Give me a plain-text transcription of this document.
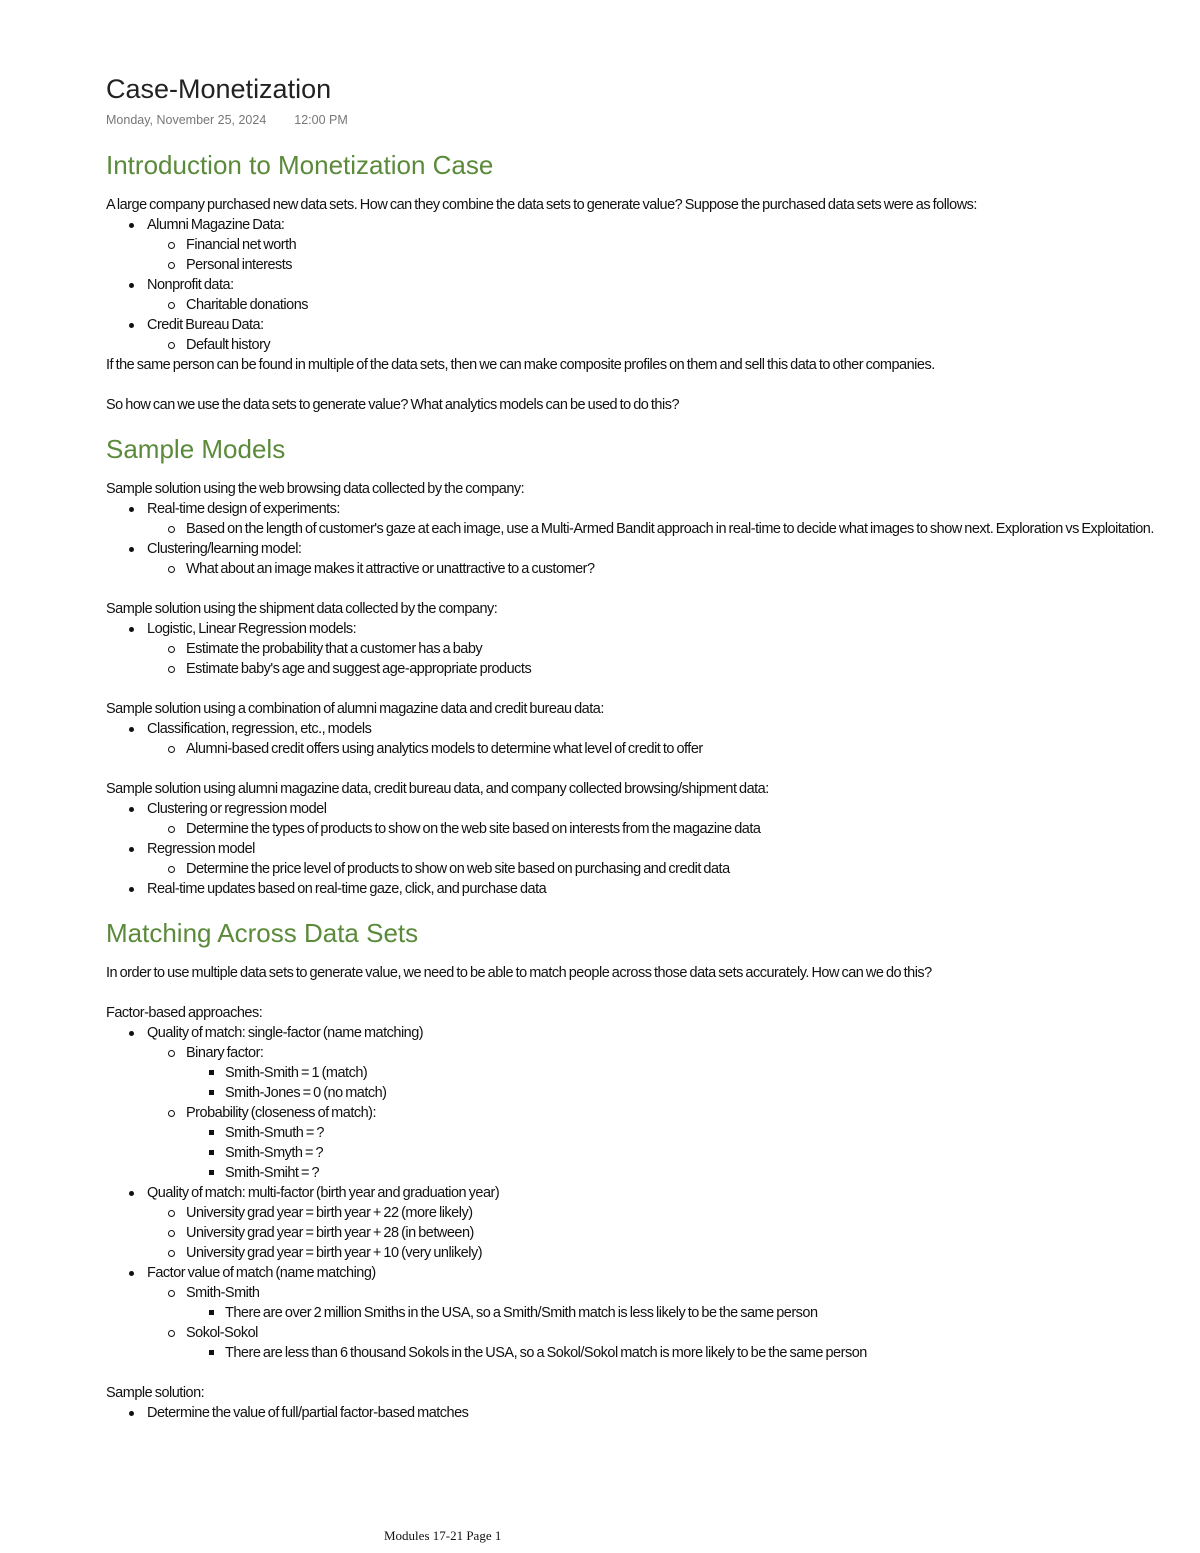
Case-Monetization
Monday, November 25, 2024 12:00 PM
Introduction to Monetization Case

A large company purchased new data sets. How can they combine the data sets to generate value? Suppose the purchased data sets were as follows:

Alumni Magazine Data:
Financial net worth
Personal interests
Nonprofit data:
Charitable donations
Credit Bureau Data:
Default history

If the same person can be found in multiple of the data sets, then we can make composite profiles on them and sell this data to other companies.

So how can we use the data sets to generate value? What analytics models can be used to do this?

Sample Models

Sample solution using the web browsing data collected by the company:

Real-time design of experiments:
Based on the length of customer's gaze at each image, use a Multi-Armed Bandit approach in real-time to decide what images to show next. Exploration vs Exploitation.
Clustering/learning model:
What about an image makes it attractive or unattractive to a customer?

Sample solution using the shipment data collected by the company:

Logistic, Linear Regression models:
Estimate the probability that a customer has a baby
Estimate baby's age and suggest age-appropriate products

Sample solution using a combination of alumni magazine data and credit bureau data:

Classification, regression, etc., models
Alumni-based credit offers using analytics models to determine what level of credit to offer

Sample solution using alumni magazine data, credit bureau data, and company collected browsing/shipment data:

Clustering or regression model
Determine the types of products to show on the web site based on interests from the magazine data
Regression model
Determine the price level of products to show on web site based on purchasing and credit data
Real-time updates based on real-time gaze, click, and purchase data
Matching Across Data Sets

In order to use multiple data sets to generate value, we need to be able to match people across those data sets accurately. How can we do this?

Factor-based approaches:

Quality of match: single-factor (name matching)
Binary factor:
Smith-Smith = 1 (match)
Smith-Jones = 0 (no match)
Probability (closeness of match):
Smith-Smuth = ?
Smith-Smyth = ?
Smith-Smiht = ?
Quality of match: multi-factor (birth year and graduation year)
University grad year = birth year + 22 (more likely)
University grad year = birth year + 28 (in between)
University grad year = birth year + 10 (very unlikely)
Factor value of match (name matching)
Smith-Smith
There are over 2 million Smiths in the USA, so a Smith/Smith match is less likely to be the same person
Sokol-Sokol
There are less than 6 thousand Sokols in the USA, so a Sokol/Sokol match is more likely to be the same person

Sample solution:

Determine the value of full/partial factor-based matches
Modules 17-21 Page 1
